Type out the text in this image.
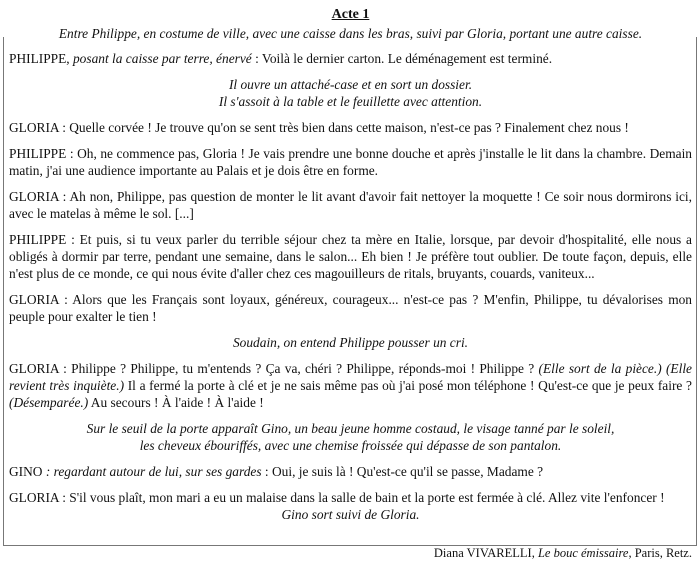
Acte 1
Entre Philippe, en costume de ville, avec une caisse dans les bras, suivi par Gloria, portant une autre caisse.

PHILIPPE, posant la caisse par terre, énervé : Voilà le dernier carton. Le déménagement est terminé.

Il ouvre un attaché-case et en sort un dossier.
Il s'assoit à la table et le feuillette avec attention.

GLORIA : Quelle corvée ! Je trouve qu'on se sent très bien dans cette maison, n'est-ce pas ? Finalement chez nous !

PHILIPPE : Oh, ne commence pas, Gloria ! Je vais prendre une bonne douche et après j'installe le lit dans la chambre. Demain matin, j'ai une audience importante au Palais et je dois être en forme.

GLORIA : Ah non, Philippe, pas question de monter le lit avant d'avoir fait nettoyer la moquette ! Ce soir nous dormirons ici, avec le matelas à même le sol. [...]

PHILIPPE : Et puis, si tu veux parler du terrible séjour chez ta mère en Italie, lorsque, par devoir d'hospitalité, elle nous a obligés à dormir par terre, pendant une semaine, dans le salon... Eh bien ! Je préfère tout oublier. De toute façon, depuis, elle n'est plus de ce monde, ce qui nous évite d'aller chez ces magouilleurs de ritals, bruyants, couards, vaniteux...

GLORIA : Alors que les Français sont loyaux, généreux, courageux... n'est-ce pas ? M'enfin, Philippe, tu dévalorises mon peuple pour exalter le tien !

Soudain, on entend Philippe pousser un cri.

GLORIA : Philippe ? Philippe, tu m'entends ? Ça va, chéri ? Philippe, réponds-moi ! Philippe ? (Elle sort de la pièce.) (Elle revient très inquiète.) Il a fermé la porte à clé et je ne sais même pas où j'ai posé mon téléphone ! Qu'est-ce que je peux faire ? (Désemparée.) Au secours ! À l'aide ! À l'aide !

Sur le seuil de la porte apparaît Gino, un beau jeune homme costaud, le visage tanné par le soleil,
les cheveux ébouriffés, avec une chemise froissée qui dépasse de son pantalon.

GINO : regardant autour de lui, sur ses gardes : Oui, je suis là ! Qu'est-ce qu'il se passe, Madame ?

GLORIA : S'il vous plaît, mon mari a eu un malaise dans la salle de bain et la porte est fermée à clé. Allez vite l'enfoncer !

Gino sort suivi de Gloria.
Diana VIVARELLI, Le bouc émissaire, Paris, Retz.
